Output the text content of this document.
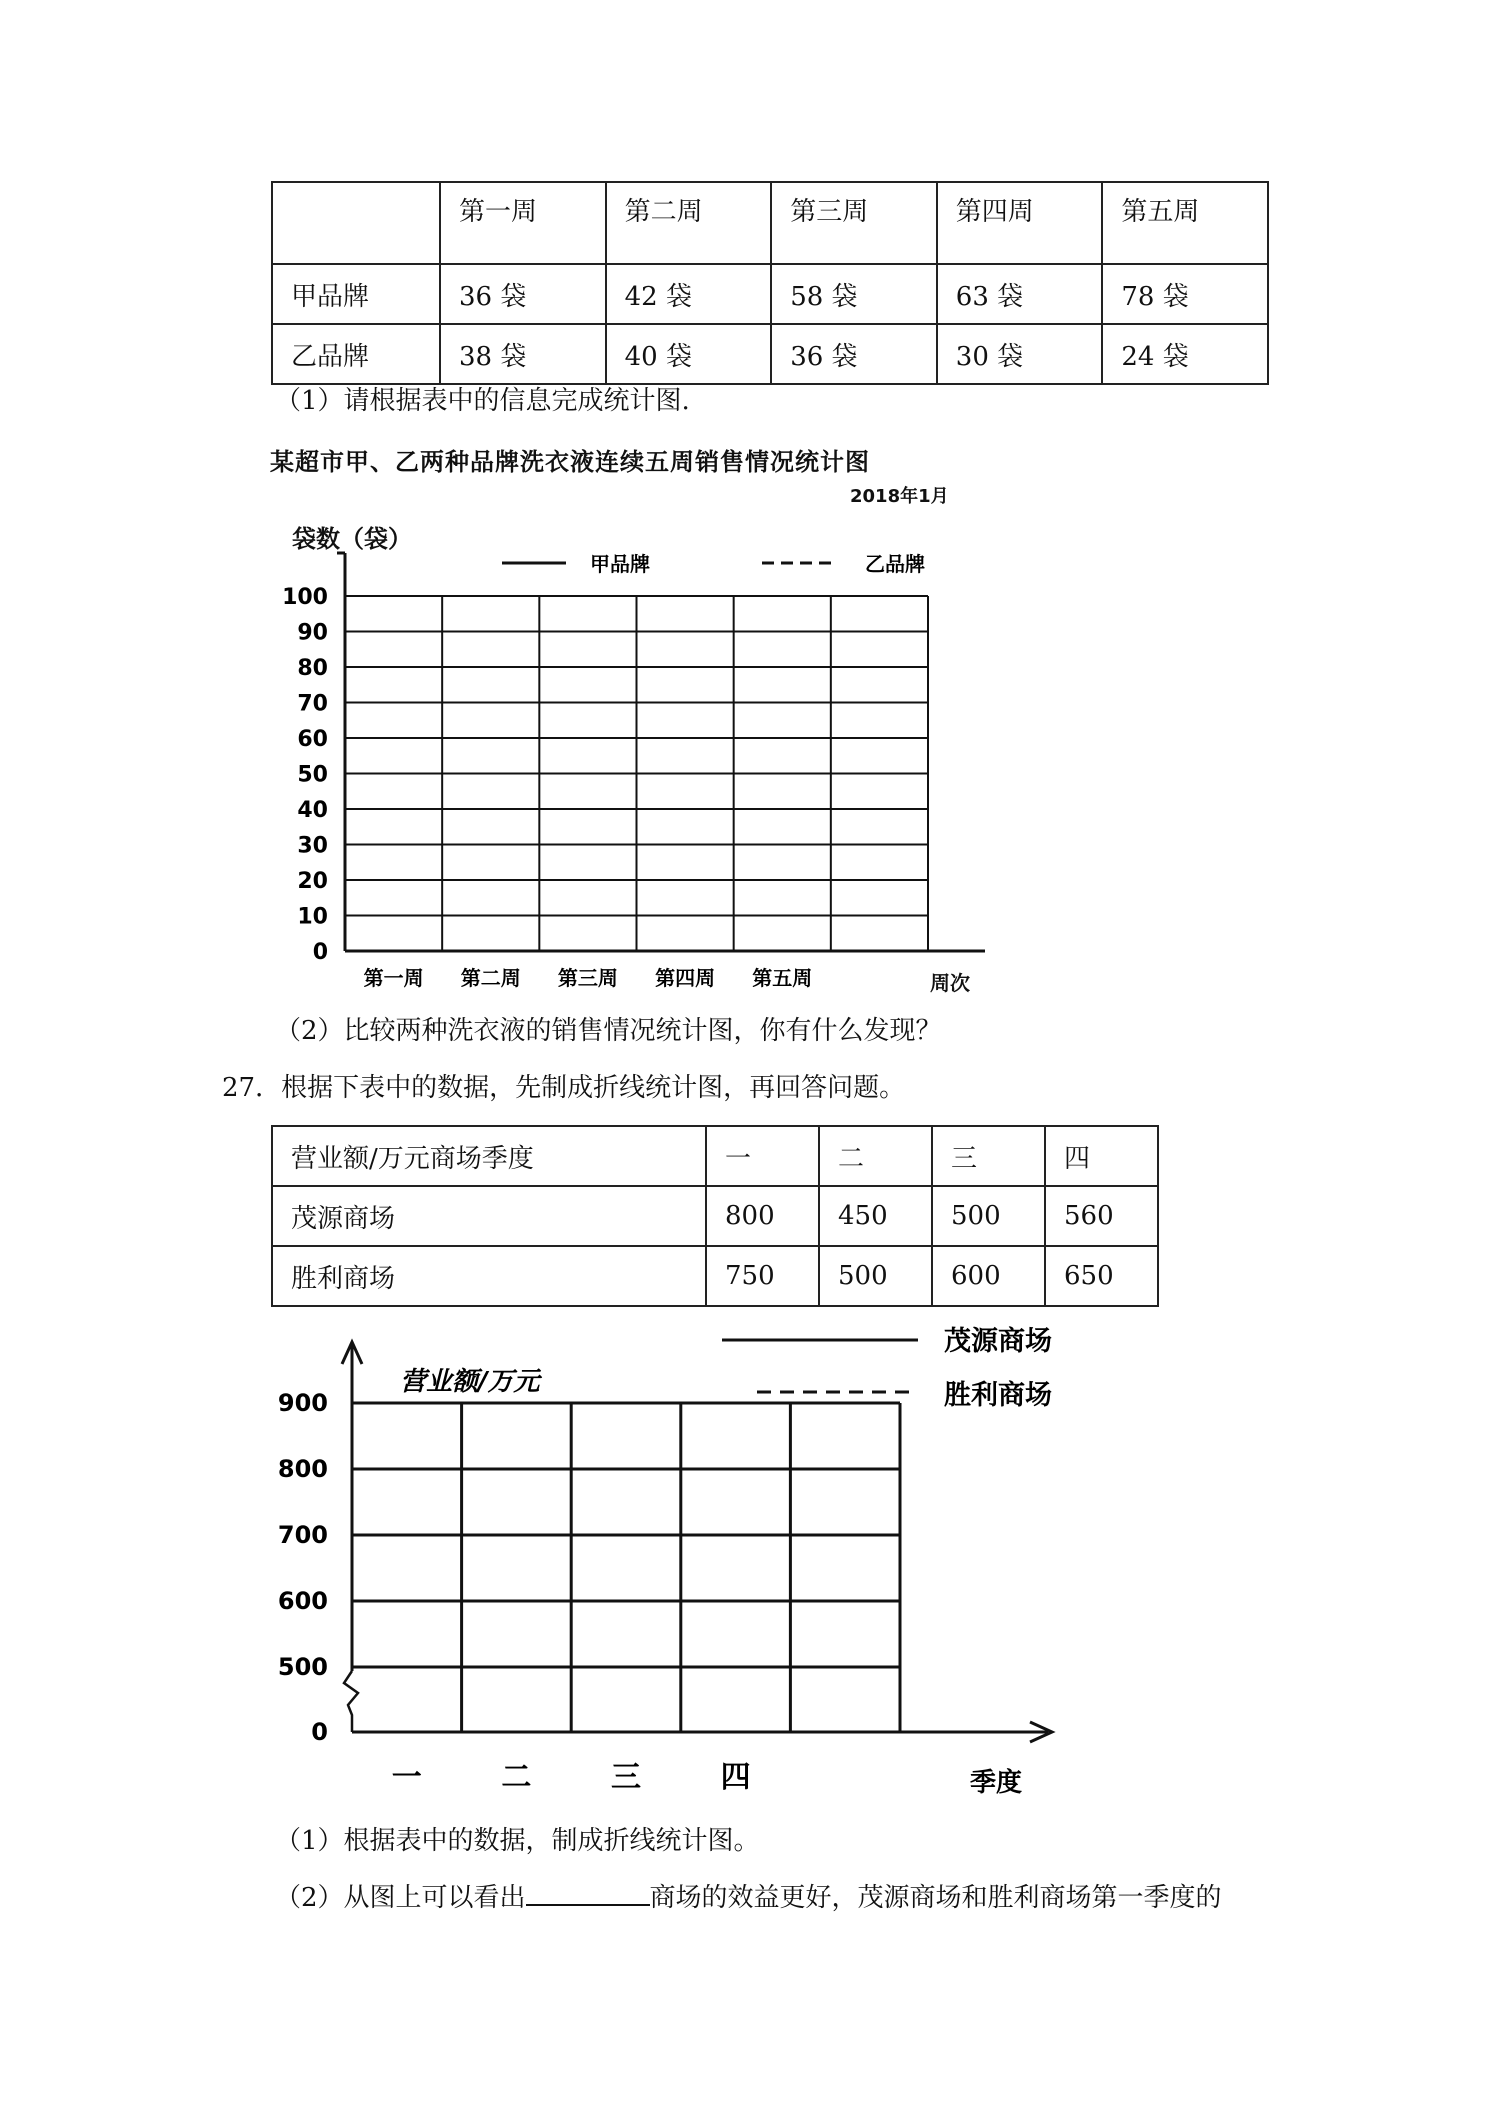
	第一周	第二周	第三周	第四周	第五周
甲品牌	36 袋	42 袋	58 袋	63 袋	78 袋
乙品牌	38 袋	40 袋	36 袋	30 袋	24 袋
（1）请根据表中的信息完成统计图.
某超市甲、乙两种品牌洗衣液连续五周销售情况统计图
2018年1月
袋数（袋）
周次
甲品牌	乙品牌
100
90
80
70
60
50
40
30
20
10
0
第一周 第二周 第三周 第四周 第五周
（2）比较两种洗衣液的销售情况统计图，你有什么发现？
27．根据下表中的数据，先制成折线统计图，再回答问题。
营业额/万元商场季度	一	二	三	四
茂源商场	800	450	500	560
胜利商场	750	500	600	650
茂源商场
胜利商场
营业额/万元
季度
900
800
700
600
500
0
一	二	三	四
（1）根据表中的数据，制成折线统计图。
（2）从图上可以看出	商场的效益更好，茂源商场和胜利商场第一季度的
